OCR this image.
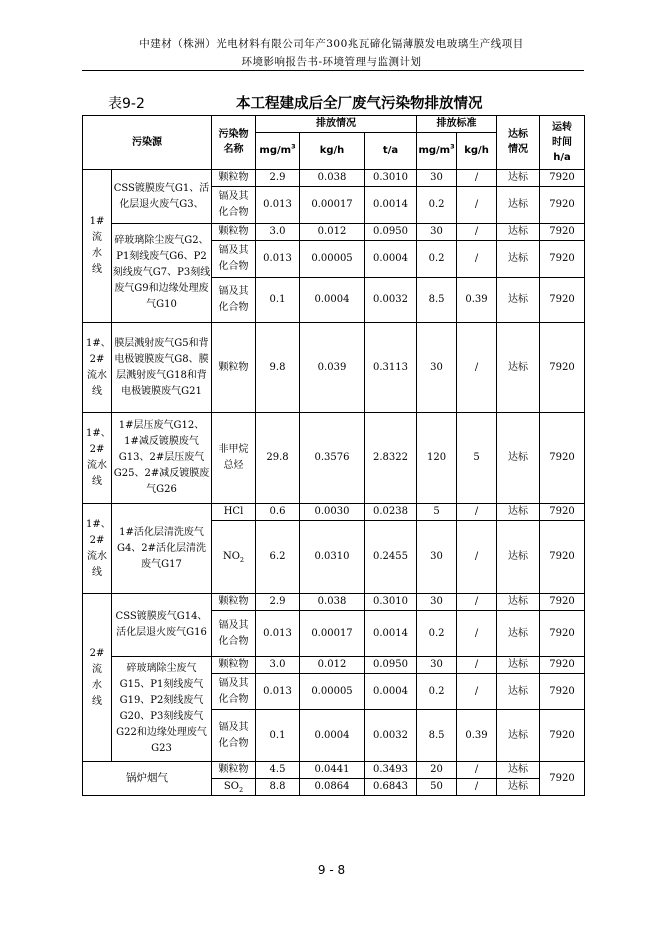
中建材（株洲）光电材料有限公司年产300兆瓦碲化镉薄膜发电玻璃生产线项目
环境影响报告书-环境管理与监测计划
表9-2	本工程建成后全厂废气污染物排放情况
污染源		污染物名称	排放情况			排放标准		达标情况	运转时间h/a
			$mg/m^3$	kg/h	t/a	$mg/m^3$	kg/h		
1#流水线	CSS镀膜废气G1、活化层退火废气G3、	颗粒物	2.9	0.038	0.3010	30	/	达标	7920
		镉及其化合物	0.013	0.00017	0.0014	0.2	/	达标	7920
	碎玻璃除尘废气G2、P1刻线废气G6、P2刻线废气G7、P3刻线废气G9和边缘处理废气G10	颗粒物	3.0	0.012	0.0950	30	/	达标	7920
		镉及其化合物	0.013	0.00005	0.0004	0.2	/	达标	7920
		镉及其化合物	0.1	0.0004	0.0032	8.5	0.39	达标	7920

1#、2#流水线	膜层溅射废气G5和背电极镀膜废气G8、膜层溅射废气G18和背电极镀膜废气G21	颗粒物	9.8	0.039	0.3113	30	/	达标	7920
1#、2#流水线	1#层压废气G12、1#减反镀膜废气G13、2#层压废气G25、2#减反镀膜废气G26	非甲烷总烃	29.8	0.3576	2.8322	120	5	达标	7920
1#、2#流水线	1#活化层清洗废气G4、2#活化层清洗废气G17	HCl	0.6	0.0030	0.0238	5	/	达标	7920
		$NO_2$	6.2	0.0310	0.2455	30	/	达标	7920
2#流水线	CSS镀膜废气G14、活化层退火废气G16	颗粒物	2.9	0.038	0.3010	30	/	达标	7920
		镉及其化合物	0.013	0.00017	0.0014	0.2	/	达标	7920
	碎玻璃除尘废气G15、P1刻线废气G19、P2刻线废气G20、P3刻线废气G22和边缘处理废气G23	颗粒物	3.0	0.012	0.0950	30	/	达标	7920
		镉及其化合物	0.013	0.00005	0.0004	0.2	/	达标	7920
		镉及其化合物	0.1	0.0004	0.0032	8.5	0.39	达标	7920
锅炉烟气		颗粒物	4.5	0.0441	0.3493	20	/	达标	7920
		$SO_2$	8.8	0.0864	0.6843	50	/	达标	
9 - 8
